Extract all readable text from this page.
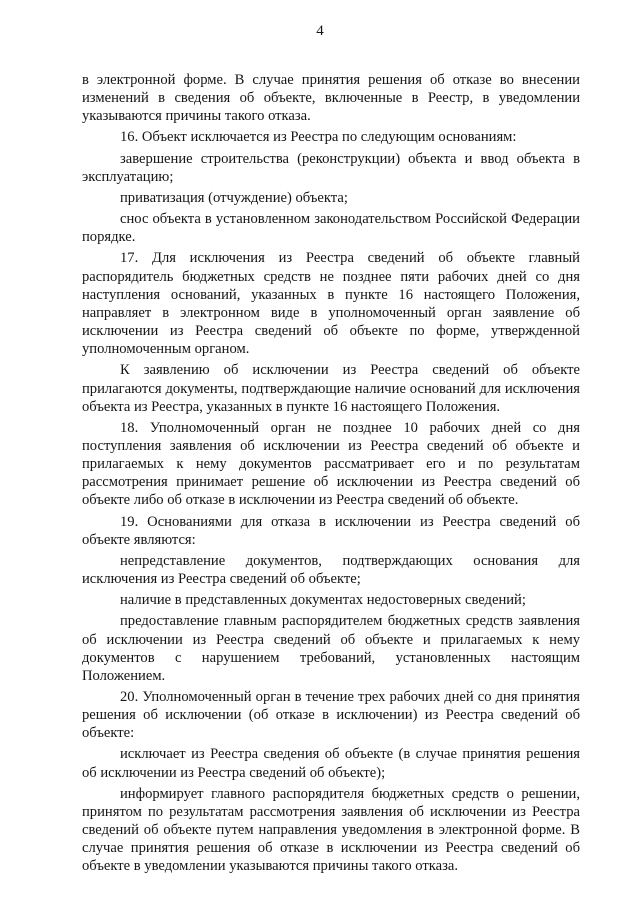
4

в электронной форме. В случае принятия решения об отказе во внесении изменений в сведения об объекте, включенные в Реестр, в уведомлении указываются причины такого отказа.

16. Объект исключается из Реестра по следующим основаниям:

завершение строительства (реконструкции) объекта и ввод объекта в эксплуатацию;

приватизация (отчуждение) объекта;

снос объекта в установленном законодательством Российской Федерации порядке.

17. Для исключения из Реестра сведений об объекте главный распорядитель бюджетных средств не позднее пяти рабочих дней со дня наступления оснований, указанных в пункте 16 настоящего Положения, направляет в электронном виде в уполномоченный орган заявление об исключении из Реестра сведений об объекте по форме, утвержденной уполномоченным органом.

К заявлению об исключении из Реестра сведений об объекте прилагаются документы, подтверждающие наличие оснований для исключения объекта из Реестра, указанных в пункте 16 настоящего Положения.

18. Уполномоченный орган не позднее 10 рабочих дней со дня поступления заявления об исключении из Реестра сведений об объекте и прилагаемых к нему документов рассматривает его и по результатам рассмотрения принимает решение об исключении из Реестра сведений об объекте либо об отказе в исключении из Реестра сведений об объекте.

19. Основаниями для отказа в исключении из Реестра сведений об объекте являются:

непредставление документов, подтверждающих основания для исключения из Реестра сведений об объекте;

наличие в представленных документах недостоверных сведений;

предоставление главным распорядителем бюджетных средств заявления об исключении из Реестра сведений об объекте и прилагаемых к нему документов с нарушением требований, установленных настоящим Положением.

20. Уполномоченный орган в течение трех рабочих дней со дня принятия решения об исключении (об отказе в исключении) из Реестра сведений об объекте:

исключает из Реестра сведения об объекте (в случае принятия решения об исключении из Реестра сведений об объекте);

информирует главного распорядителя бюджетных средств о решении, принятом по результатам рассмотрения заявления об исключении из Реестра сведений об объекте путем направления уведомления в электронной форме. В случае принятия решения об отказе в исключении из Реестра сведений об объекте в уведомлении указываются причины такого отказа.
